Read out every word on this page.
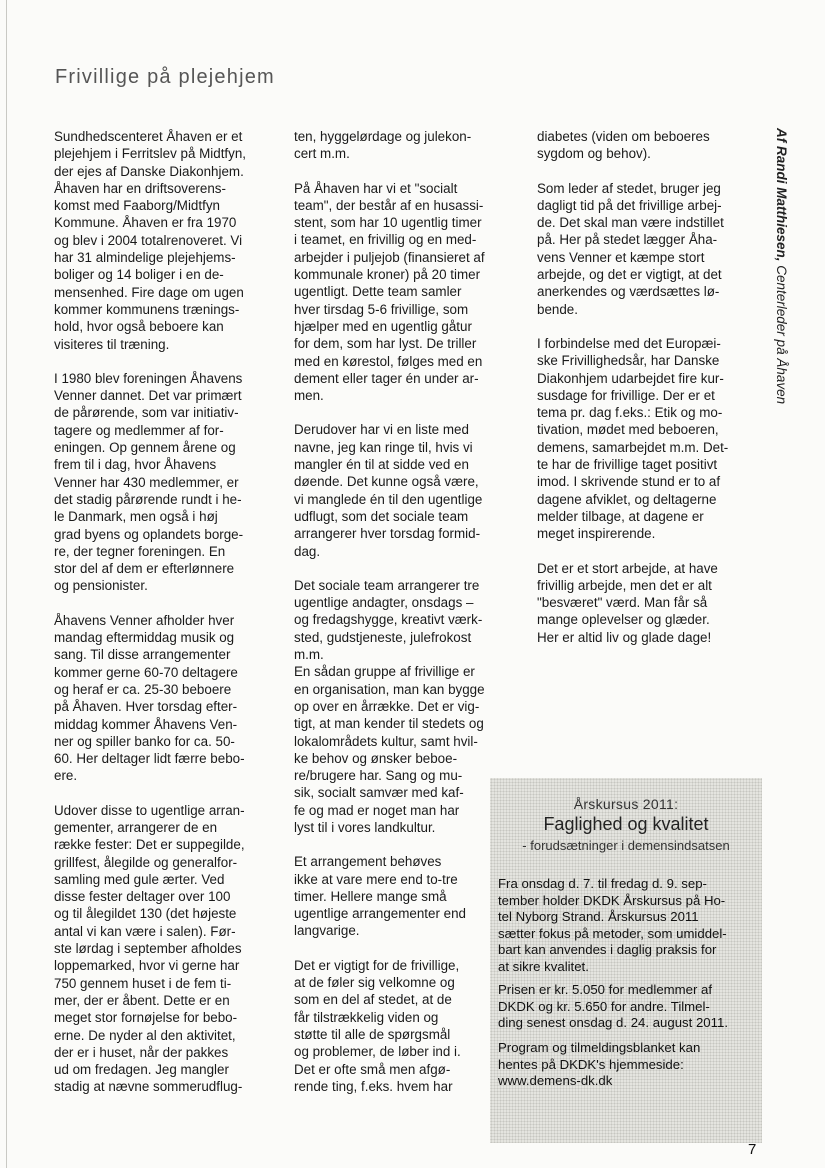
Frivillige på plejehjem

Sundhedscenteret Åhaven er et
plejehjem i Ferritslev på Midtfyn,
der ejes af Danske Diakonhjem.
Åhaven har en driftsoverens-
komst med Faaborg/Midtfyn
Kommune. Åhaven er fra 1970
og blev i 2004 totalrenoveret. Vi
har 31 almindelige plejehjems-
boliger og 14 boliger i en de-
mensenhed. Fire dage om ugen
kommer kommunens trænings-
hold, hvor også beboere kan
visiteres til træning.

I 1980 blev foreningen Åhavens
Venner dannet. Det var primært
de pårørende, som var initiativ-
tagere og medlemmer af for-
eningen. Op gennem årene og
frem til i dag, hvor Åhavens
Venner har 430 medlemmer, er
det stadig pårørende rundt i he-
le Danmark, men også i høj
grad byens og oplandets borge-
re, der tegner foreningen. En
stor del af dem er efterlønnere
og pensionister.

Åhavens Venner afholder hver
mandag eftermiddag musik og
sang. Til disse arrangementer
kommer gerne 60-70 deltagere
og heraf er ca. 25-30 beboere
på Åhaven. Hver torsdag efter-
middag kommer Åhavens Ven-
ner og spiller banko for ca. 50-
60. Her deltager lidt færre bebo-
ere.

Udover disse to ugentlige arran-
gementer, arrangerer de en
række fester: Det er suppegilde,
grillfest, ålegilde og generalfor-
samling med gule ærter. Ved
disse fester deltager over 100
og til ålegildet 130 (det højeste
antal vi kan være i salen). Før-
ste lørdag i september afholdes
loppemarked, hvor vi gerne har
750 gennem huset i de fem ti-
mer, der er åbent. Dette er en
meget stor fornøjelse for bebo-
erne. De nyder al den aktivitet,
der er i huset, når der pakkes
ud om fredagen. Jeg mangler
stadig at nævne sommerudflug-

ten, hyggelørdage og julekon-
cert m.m.

På Åhaven har vi et "socialt
team", der består af en husassi-
stent, som har 10 ugentlig timer
i teamet, en frivillig og en med-
arbejder i puljejob (finansieret af
kommunale kroner) på 20 timer
ugentligt. Dette team samler
hver tirsdag 5-6 frivillige, som
hjælper med en ugentlig gåtur
for dem, som har lyst. De triller
med en kørestol, følges med en
dement eller tager én under ar-
men.

Derudover har vi en liste med
navne, jeg kan ringe til, hvis vi
mangler én til at sidde ved en
døende. Det kunne også være,
vi manglede én til den ugentlige
udflugt, som det sociale team
arrangerer hver torsdag formid-
dag.

Det sociale team arrangerer tre
ugentlige andagter, onsdags –
og fredagshygge, kreativt værk-
sted, gudstjeneste, julefrokost
m.m.

En sådan gruppe af frivillige er
en organisation, man kan bygge
op over en årrække. Det er vig-
tigt, at man kender til stedets og
lokalområdets kultur, samt hvil-
ke behov og ønsker beboe-
re/brugere har. Sang og mu-
sik, socialt samvær med kaf-
fe og mad er noget man har
lyst til i vores landkultur.

Et arrangement behøves
ikke at vare mere end to-tre
timer. Hellere mange små
ugentlige arrangementer end
langvarige.

Det er vigtigt for de frivillige,
at de føler sig velkomne og
som en del af stedet, at de
får tilstrækkelig viden og
støtte til alle de spørgsmål
og problemer, de løber ind i.
Det er ofte små men afgø-
rende ting, f.eks. hvem har

diabetes (viden om beboeres
sygdom og behov).

Som leder af stedet, bruger jeg
dagligt tid på det frivillige arbej-
de. Det skal man være indstillet
på. Her på stedet lægger Åha-
vens Venner et kæmpe stort
arbejde, og det er vigtigt, at det
anerkendes og værdsættes lø-
bende.

I forbindelse med det Europæi-
ske Frivillighedsår, har Danske
Diakonhjem udarbejdet fire kur-
susdage for frivillige. Der er et
tema pr. dag f.eks.: Etik og mo-
tivation, mødet med beboeren,
demens, samarbejdet m.m. Det-
te har de frivillige taget positivt
imod. I skrivende stund er to af
dagene afviklet, og deltagerne
melder tilbage, at dagene er
meget inspirerende.

Det er et stort arbejde, at have
frivillig arbejde, men det er alt
"besværet" værd. Man får så
mange oplevelser og glæder.
Her er altid liv og glade dage!

Af Randi Matthiesen, Centerleder på Åhaven
Årskursus 2011:
Faglighed og kvalitet
- forudsætninger i demensindsatsen
Fra onsdag d. 7. til fredag d. 9. sep-
tember holder DKDK Årskursus på Ho-
tel Nyborg Strand. Årskursus 2011
sætter fokus på metoder, som umiddel-
bart kan anvendes i daglig praksis for
at sikre kvalitet.
Prisen er kr. 5.050 for medlemmer af
DKDK og kr. 5.650 for andre. Tilmel-
ding senest onsdag d. 24. august 2011.
Program og tilmeldingsblanket kan
hentes på DKDK's hjemmeside:
www.demens-dk.dk
7
